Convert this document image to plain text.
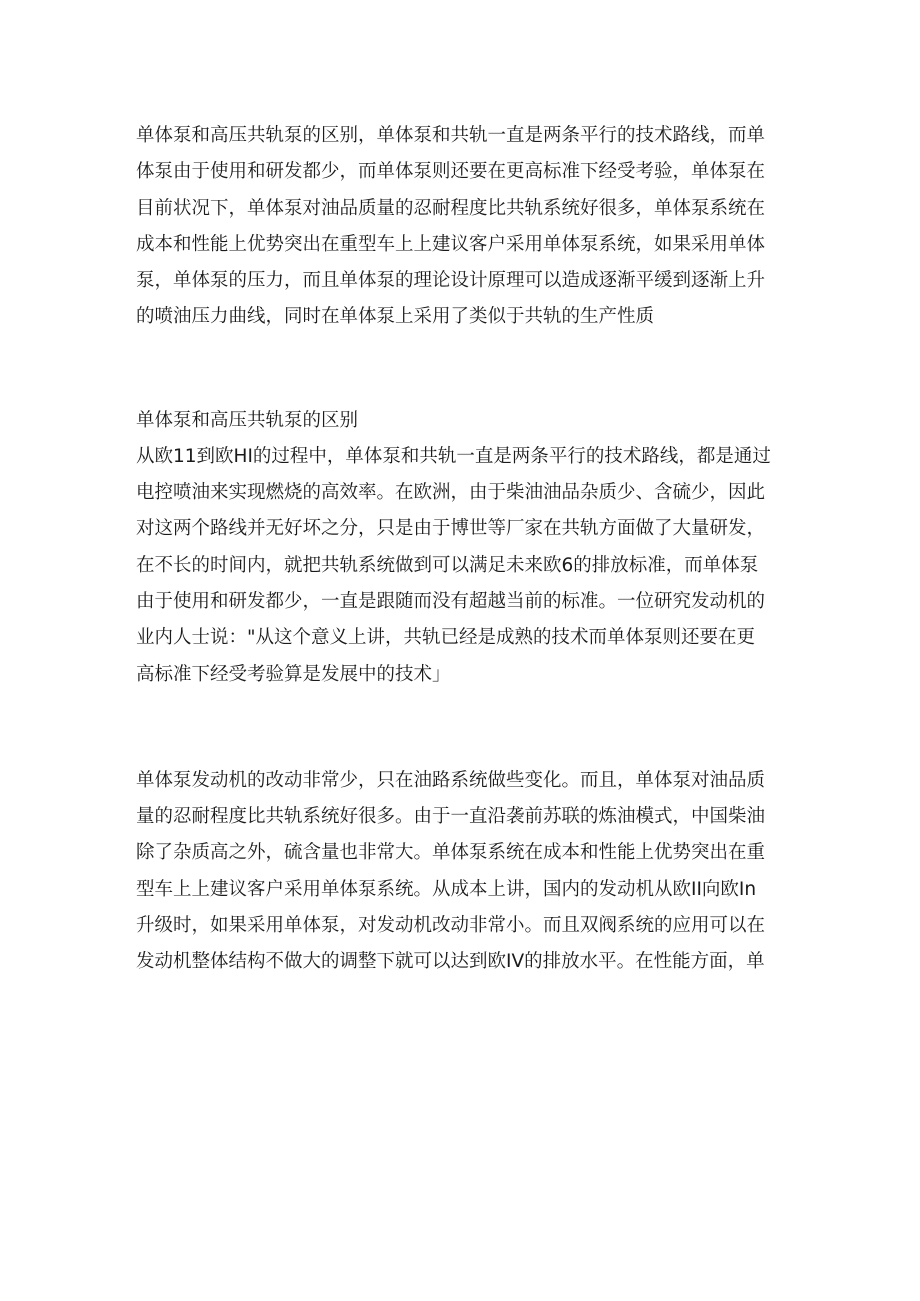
单体泵和高压共轨泵的区别，单体泵和共轨一直是两条平行的技术路线，而单
体泵由于使用和研发都少，而单体泵则还要在更高标准下经受考验，单体泵在
目前状况下，单体泵对油品质量的忍耐程度比共轨系统好很多，单体泵系统在
成本和性能上优势突出在重型车上上建议客户采用单体泵系统，如果采用单体
泵，单体泵的压力，而且单体泵的理论设计原理可以造成逐渐平缓到逐渐上升
的喷油压力曲线，同时在单体泵上采用了类似于共轨的生产性质
单体泵和高压共轨泵的区别
从欧11到欧HI的过程中，单体泵和共轨一直是两条平行的技术路线，都是通过
电控喷油来实现燃烧的高效率。在欧洲，由于柴油油品杂质少、含硫少，因此
对这两个路线并无好坏之分，只是由于博世等厂家在共轨方面做了大量研发，
在不长的时间内，就把共轨系统做到可以满足未来欧6的排放标准，而单体泵
由于使用和研发都少，一直是跟随而没有超越当前的标准。一位研究发动机的
业内人士说："从这个意义上讲，共轨已经是成熟的技术而单体泵则还要在更
高标准下经受考验算是发展中的技术」
单体泵发动机的改动非常少，只在油路系统做些变化。而且，单体泵对油品质
量的忍耐程度比共轨系统好很多。由于一直沿袭前苏联的炼油模式，中国柴油
除了杂质高之外，硫含量也非常大。单体泵系统在成本和性能上优势突出在重
型车上上建议客户采用单体泵系统。从成本上讲，国内的发动机从欧II向欧In
升级时，如果采用单体泵，对发动机改动非常小。而且双阀系统的应用可以在
发动机整体结构不做大的调整下就可以达到欧IV的排放水平。在性能方面，单
